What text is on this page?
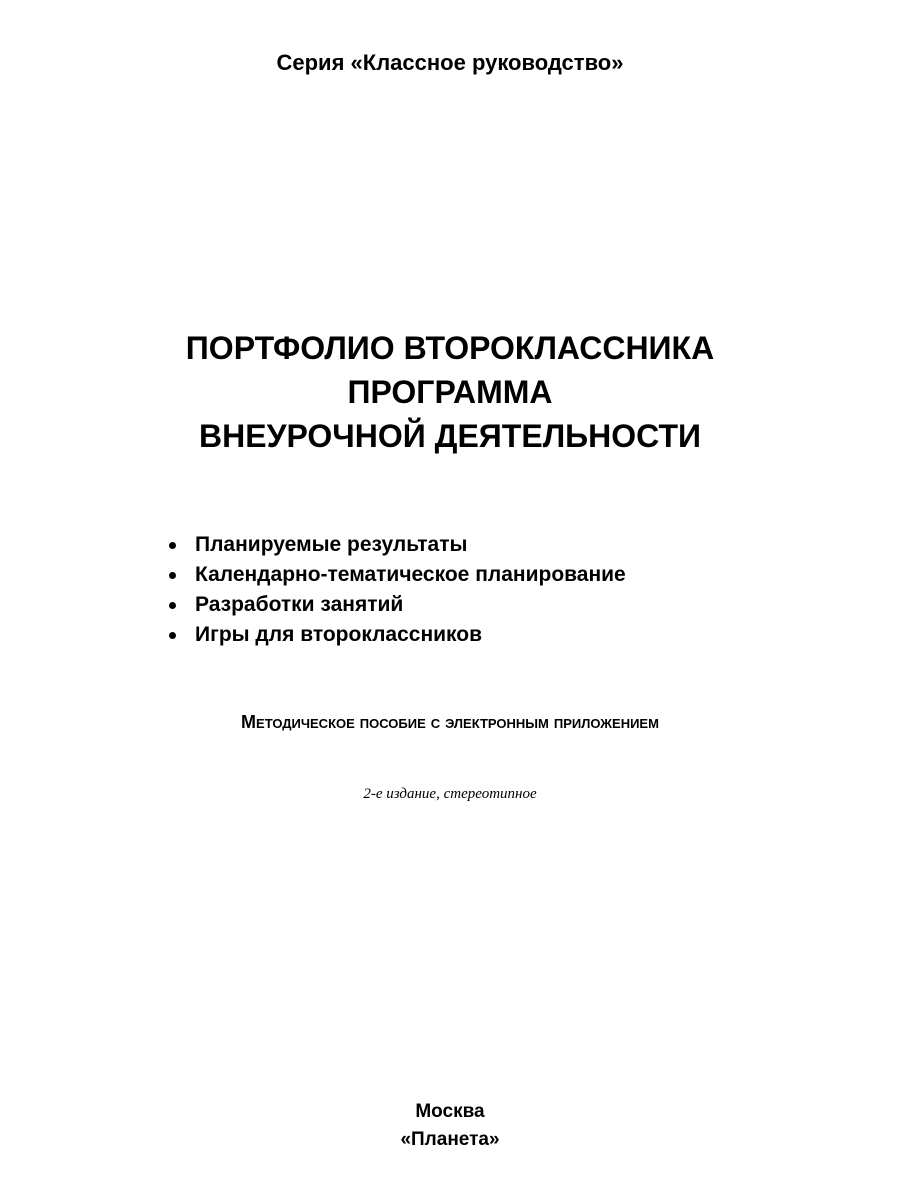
Серия «Классное руководство»
ПОРТФОЛИО ВТОРОКЛАССНИКА
ПРОГРАММА
ВНЕУРОЧНОЙ ДЕЯТЕЛЬНОСТИ
Планируемые результаты
Календарно-тематическое планирование
Разработки занятий
Игры для второклассников
Методическое пособие с электронным приложением
2-е издание, стереотипное
Москва
«Планета»
